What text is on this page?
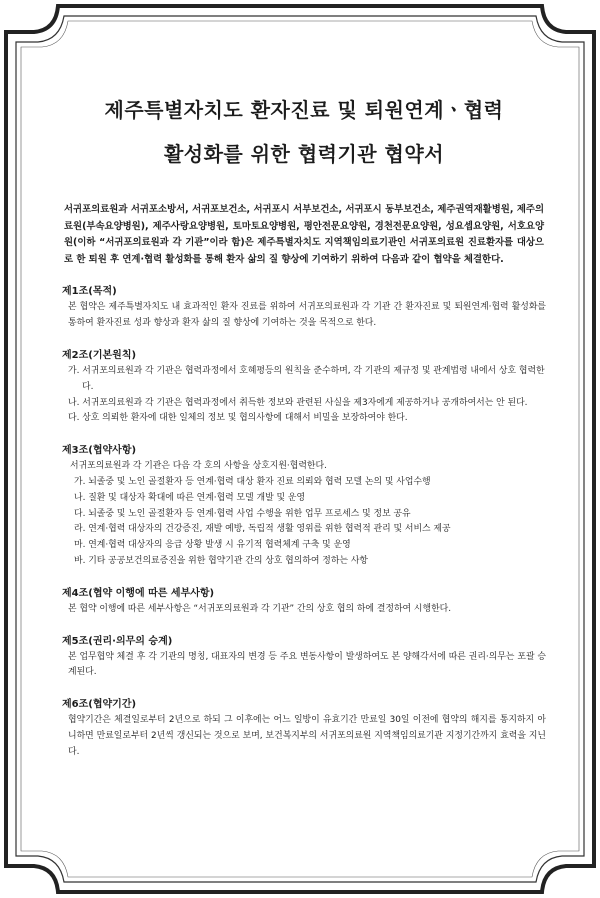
제주특별자치도 환자진료 및 퇴원연계ㆍ협력
활성화를 위한 협력기관 협약서
서귀포의료원과 서귀포소방서, 서귀포보건소, 서귀포시 서부보건소, 서귀포시 동부보건소, 제주권역재활병원, 제주의료원(부속요양병원), 제주사랑요양병원, 토마토요양병원, 평안전문요양원, 경천전문요양원, 성요셉요양원, 서호요양원(이하 “서귀포의료원과 각 기관”이라 함)은 제주특별자치도 지역책임의료기관인 서귀포의료원 진료환자를 대상으로 한 퇴원 후 연계·협력 활성화를 통해 환자 삶의 질 향상에 기여하기 위하여 다음과 같이 협약을 체결한다.
제1조(목적)
본 협약은 제주특별자치도 내 효과적인 환자 진료를 위하여 서귀포의료원과 각 기관 간 환자진료 및 퇴원연계·협력 활성화를 통하여 환자진료 성과 향상과 환자 삶의 질 향상에 기여하는 것을 목적으로 한다.
제2조(기본원칙)
가. 서귀포의료원과 각 기관은 협력과정에서 호혜평등의 원칙을 준수하며, 각 기관의 제규정 및 관계법령 내에서 상호 협력한다.
나. 서귀포의료원과 각 기관은 협력과정에서 취득한 정보와 관련된 사실을 제3자에게 제공하거나 공개하여서는 안 된다.
다. 상호 의뢰한 환자에 대한 일체의 정보 및 협의사항에 대해서 비밀을 보장하여야 한다.
제3조(협약사항)
서귀포의료원과 각 기관은 다음 각 호의 사항을 상호지원·협력한다.
가. 뇌졸중 및 노인 골절환자 등 연계·협력 대상 환자 진료 의뢰와 협력 모델 논의 및 사업수행
나. 질환 및 대상자 확대에 따른 연계·협력 모델 개발 및 운영
다. 뇌졸중 및 노인 골절환자 등 연계·협력 사업 수행을 위한 업무 프로세스 및 정보 공유
라. 연계·협력 대상자의 건강증진, 재발 예방, 독립적 생활 영위를 위한 협력적 관리 및 서비스 제공
마. 연계·협력 대상자의 응급 상황 발생 시 유기적 협력체계 구축 및 운영
바. 기타 공공보건의료증진을 위한 협약기관 간의 상호 협의하여 정하는 사항
제4조(협약 이행에 따른 세부사항)
본 협약 이행에 따른 세부사항은 “서귀포의료원과 각 기관” 간의 상호 협의 하에 결정하여 시행한다.
제5조(권리·의무의 승계)
본 업무협약 체결 후 각 기관의 명칭, 대표자의 변경 등 주요 변동사항이 발생하여도 본 양해각서에 따른 권리·의무는 포괄 승계된다.
제6조(협약기간)
협약기간은 체결일로부터 2년으로 하되 그 이후에는 어느 일방이 유효기간 만료일 30일 이전에 협약의 해지를 통지하지 아니하면 만료일로부터 2년씩 갱신되는 것으로 보며, 보건복지부의 서귀포의료원 지역책임의료기관 지정기간까지 효력을 지닌다.
